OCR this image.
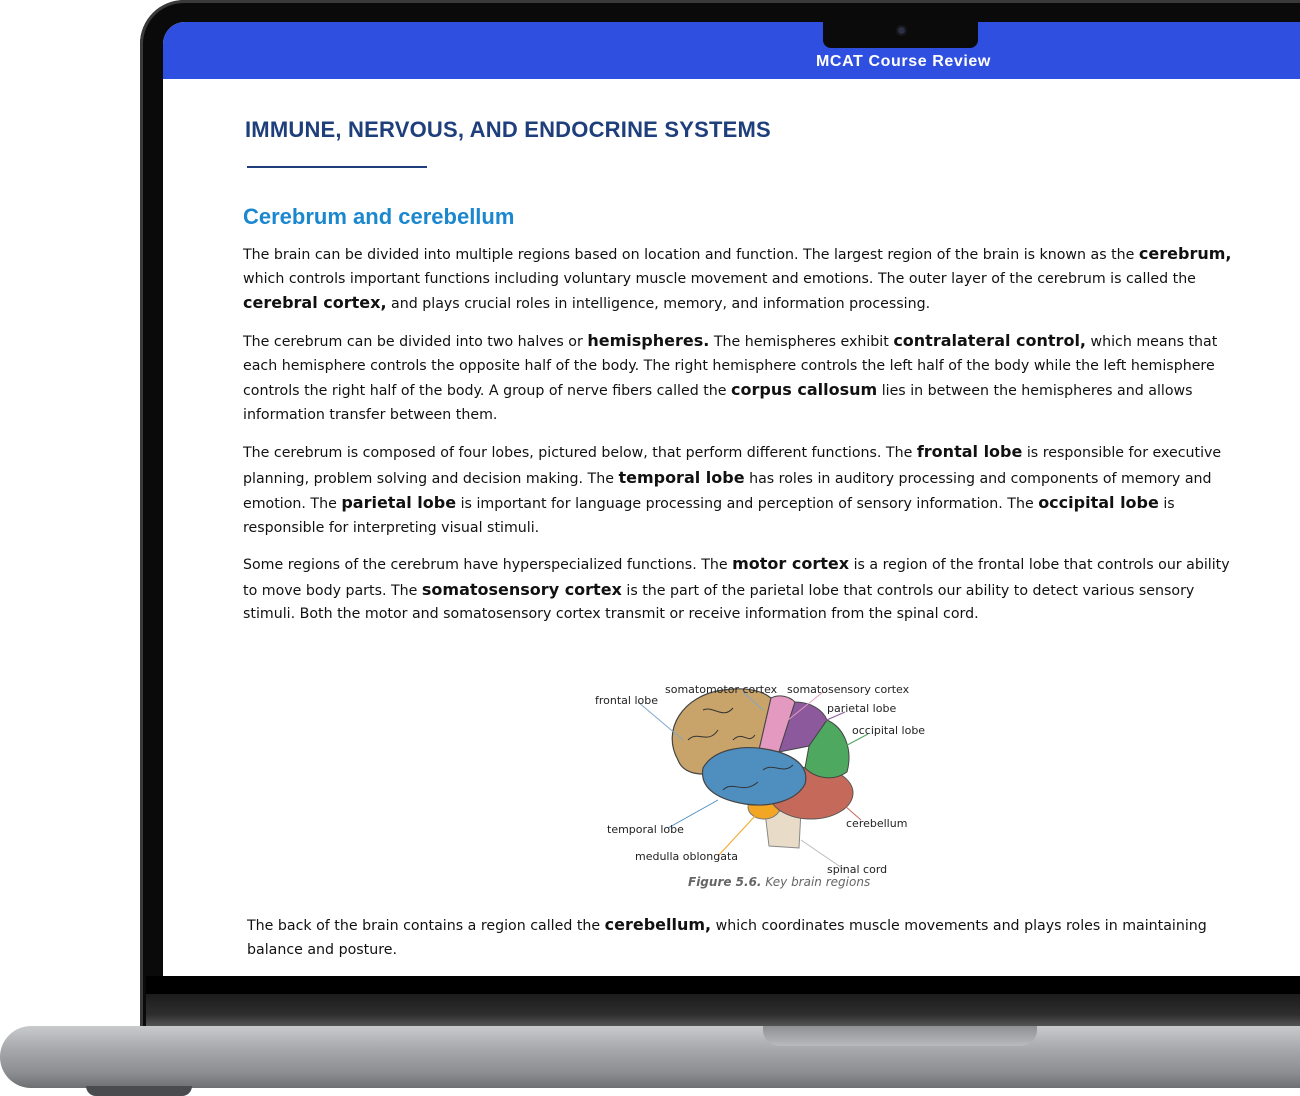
MCAT Course Review
IMMUNE, NERVOUS, AND ENDOCRINE SYSTEMS
Cerebrum and cerebellum

The brain can be divided into multiple regions based on location and function. The largest region of the brain is known as the cerebrum, which controls important functions including voluntary muscle movement and emotions. The outer layer of the cerebrum is called the cerebral cortex, and plays crucial roles in intelligence, memory, and information processing.

The cerebrum can be divided into two halves or hemispheres. The hemispheres exhibit contralateral control, which means that each hemisphere controls the opposite half of the body. The right hemisphere controls the left half of the body while the left hemisphere controls the right half of the body. A group of nerve fibers called the corpus callosum lies in between the hemispheres and allows information transfer between them.

The cerebrum is composed of four lobes, pictured below, that perform different functions. The frontal lobe is responsible for executive planning, problem solving and decision making. The temporal lobe has roles in auditory processing and components of memory and emotion. The parietal lobe is important for language processing and perception of sensory information. The occipital lobe is responsible for interpreting visual stimuli.

Some regions of the cerebrum have hyperspecialized functions. The motor cortex is a region of the frontal lobe that controls our ability to move body parts. The somatosensory cortex is the part of the parietal lobe that controls our ability to detect various sensory stimuli. Both the motor and somatosensory cortex transmit or receive information from the spinal cord.

frontal lobe
somatomotor cortex somatosensory cortex
parietal lobe
occipital lobe
temporal lobe	cerebellum
medulla oblongata
spinal cord
Figure 5.6. Key brain regions

The back of the brain contains a region called the cerebellum, which coordinates muscle movements and plays roles in maintaining balance and posture.
